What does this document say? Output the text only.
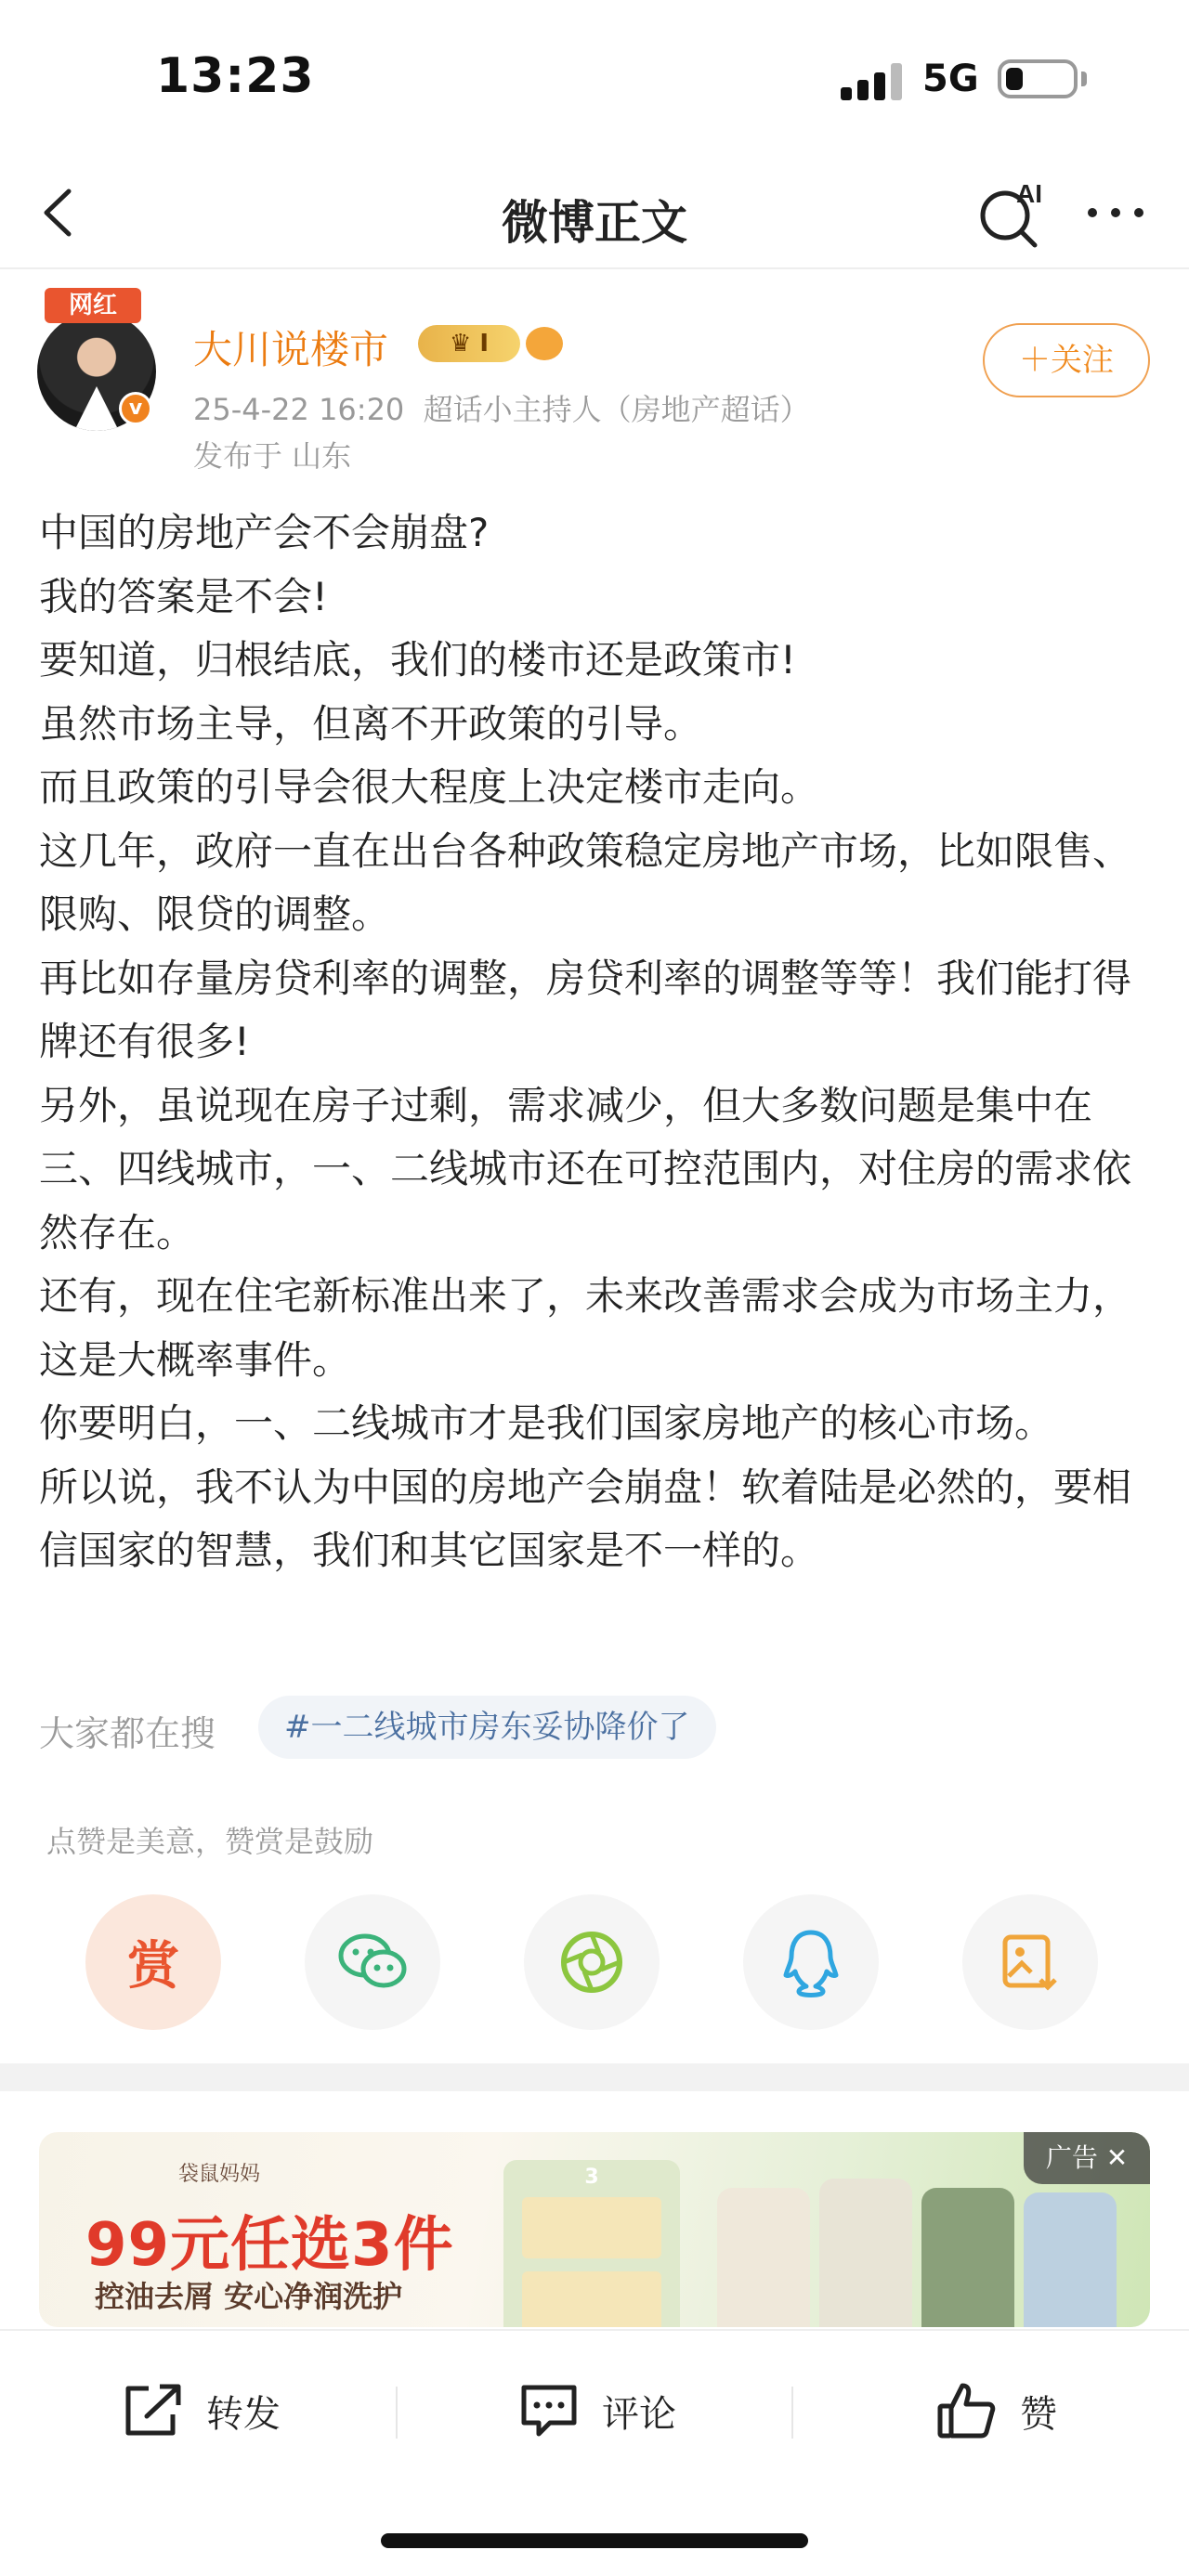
13:23	5G
微博正文
AI
网红
v
大川说楼市	♛ I
25-4-22 16:20 超话小主持人（房地产超话）
发布于 山东
＋关注

中国的房地产会不会崩盘?

我的答案是不会!

要知道，归根结底，我们的楼市还是政策市!

虽然市场主导，但离不开政策的引导。

而且政策的引导会很大程度上决定楼市走向。

这几年，政府一直在出台各种政策稳定房地产市场，比如限售、限购、限贷的调整。

再比如存量房贷利率的调整，房贷利率的调整等等！我们能打得牌还有很多!

另外，虽说现在房子过剩，需求减少，但大多数问题是集中在三、四线城市，一、二线城市还在可控范围内，对住房的需求依然存在。

还有，现在住宅新标准出来了，未来改善需求会成为市场主力，这是大概率事件。

你要明白，一、二线城市才是我们国家房地产的核心市场。

所以说，我不认为中国的房地产会崩盘！软着陆是必然的，要相信国家的智慧，我们和其它国家是不一样的。

大家都在搜	#一二线城市房东妥协降价了
点赞是美意，赞赏是鼓励
赏
袋鼠妈妈
99元任选3件
控油去屑 安心净润洗护
3
广告 ✕
转发	评论	赞
